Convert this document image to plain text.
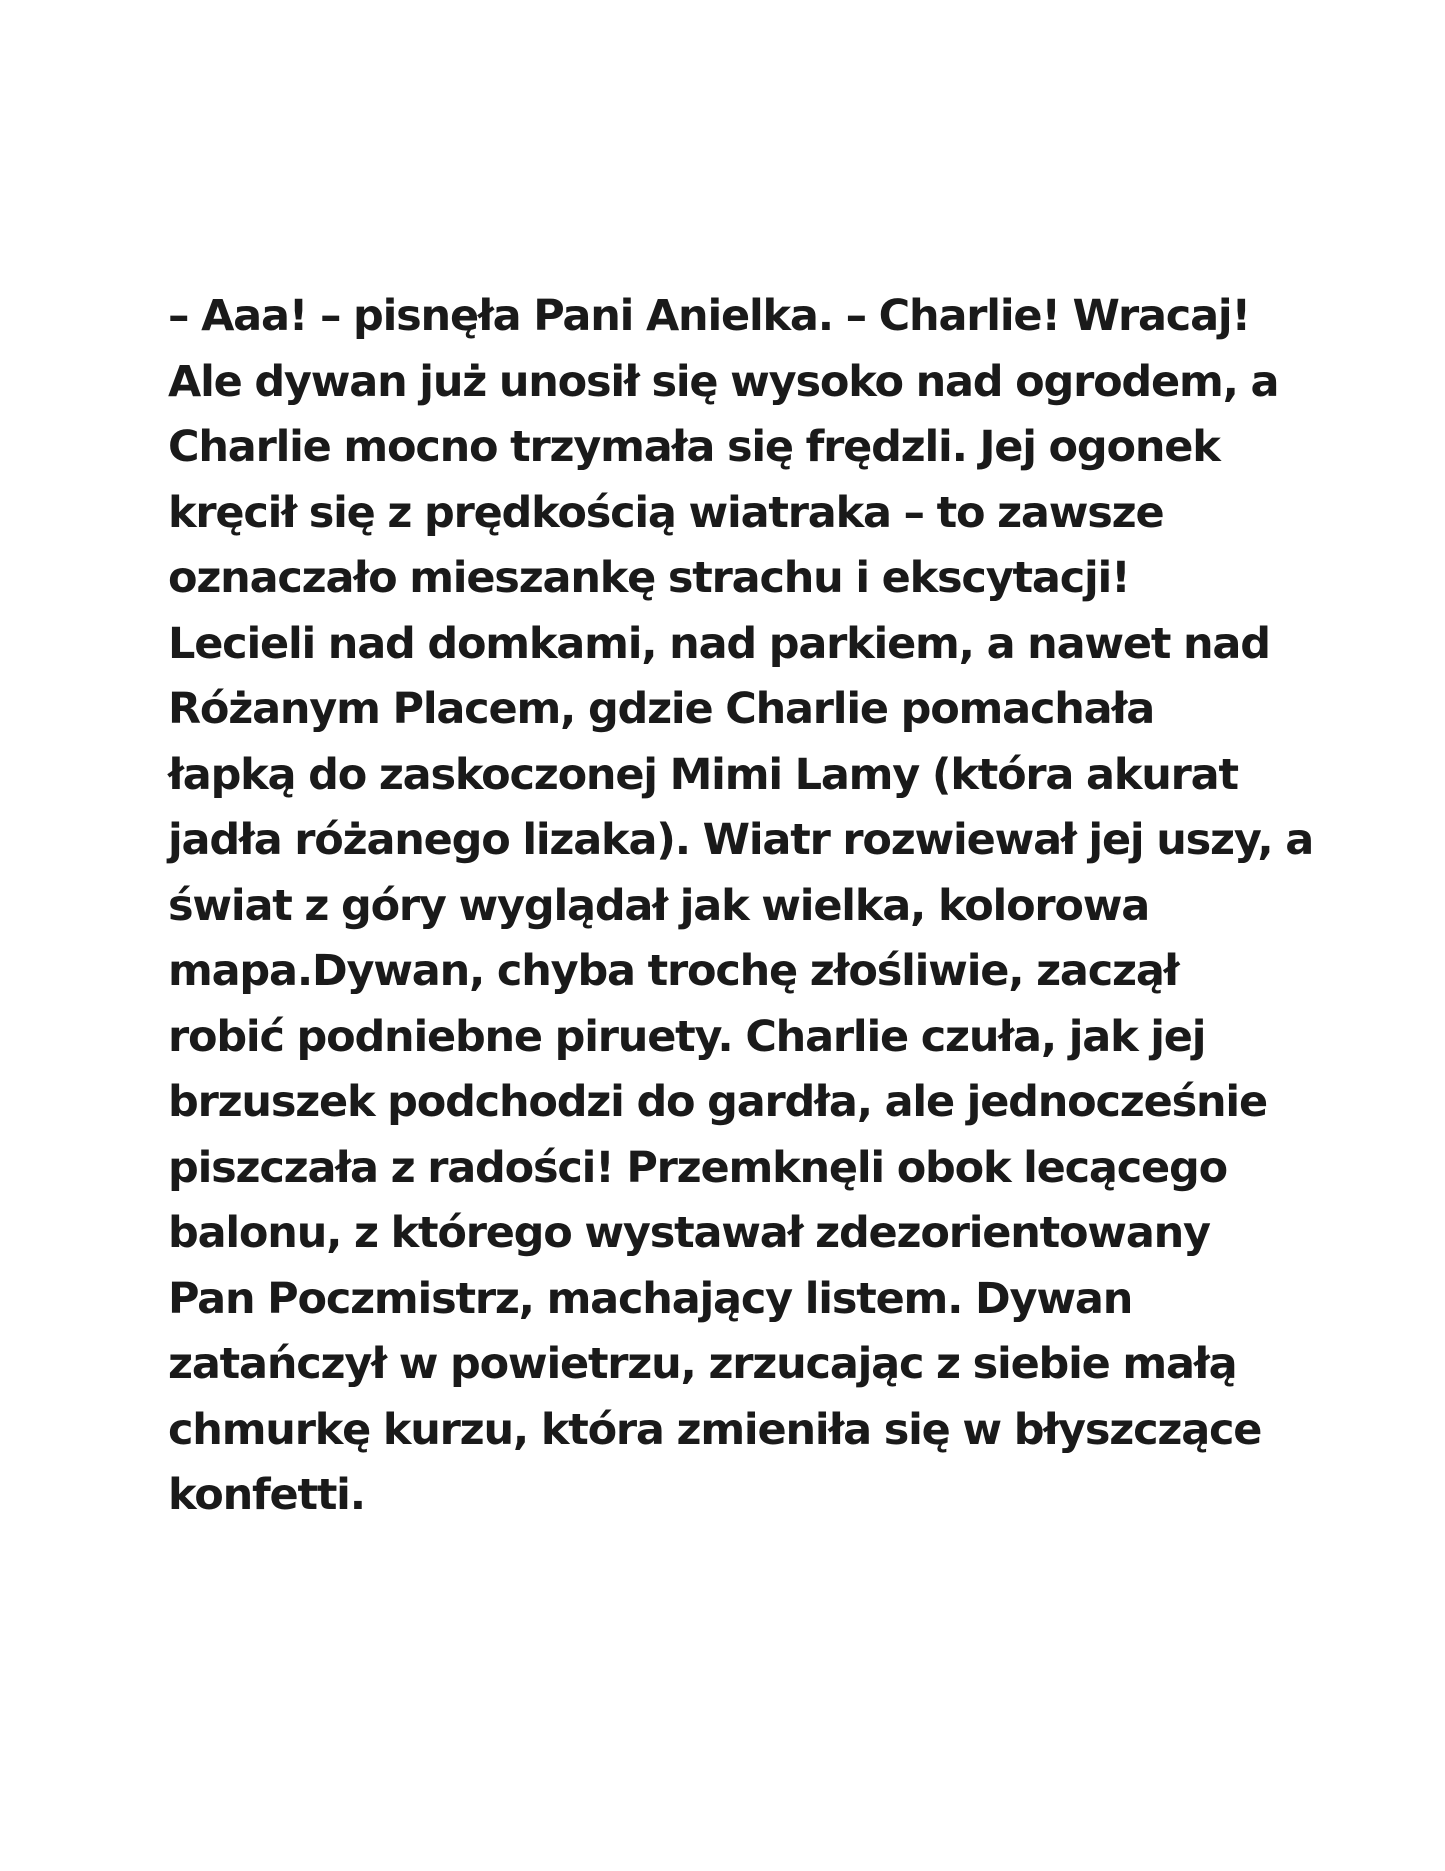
– Aaa! – pisnęła Pani Anielka. – Charlie! Wracaj!
Ale dywan już unosił się wysoko nad ogrodem, a
Charlie mocno trzymała się frędzli. Jej ogonek
kręcił się z prędkością wiatraka – to zawsze
oznaczało mieszankę strachu i ekscytacji!
Lecieli nad domkami, nad parkiem, a nawet nad
Różanym Placem, gdzie Charlie pomachała
łapką do zaskoczonej Mimi Lamy (która akurat
jadła różanego lizaka). Wiatr rozwiewał jej uszy, a
świat z góry wyglądał jak wielka, kolorowa
mapa.Dywan, chyba trochę złośliwie, zaczął
robić podniebne piruety. Charlie czuła, jak jej
brzuszek podchodzi do gardła, ale jednocześnie
piszczała z radości! Przemknęli obok lecącego
balonu, z którego wystawał zdezorientowany
Pan Poczmistrz, machający listem. Dywan
zatańczył w powietrzu, zrzucając z siebie małą
chmurkę kurzu, która zmieniła się w błyszczące
konfetti.
